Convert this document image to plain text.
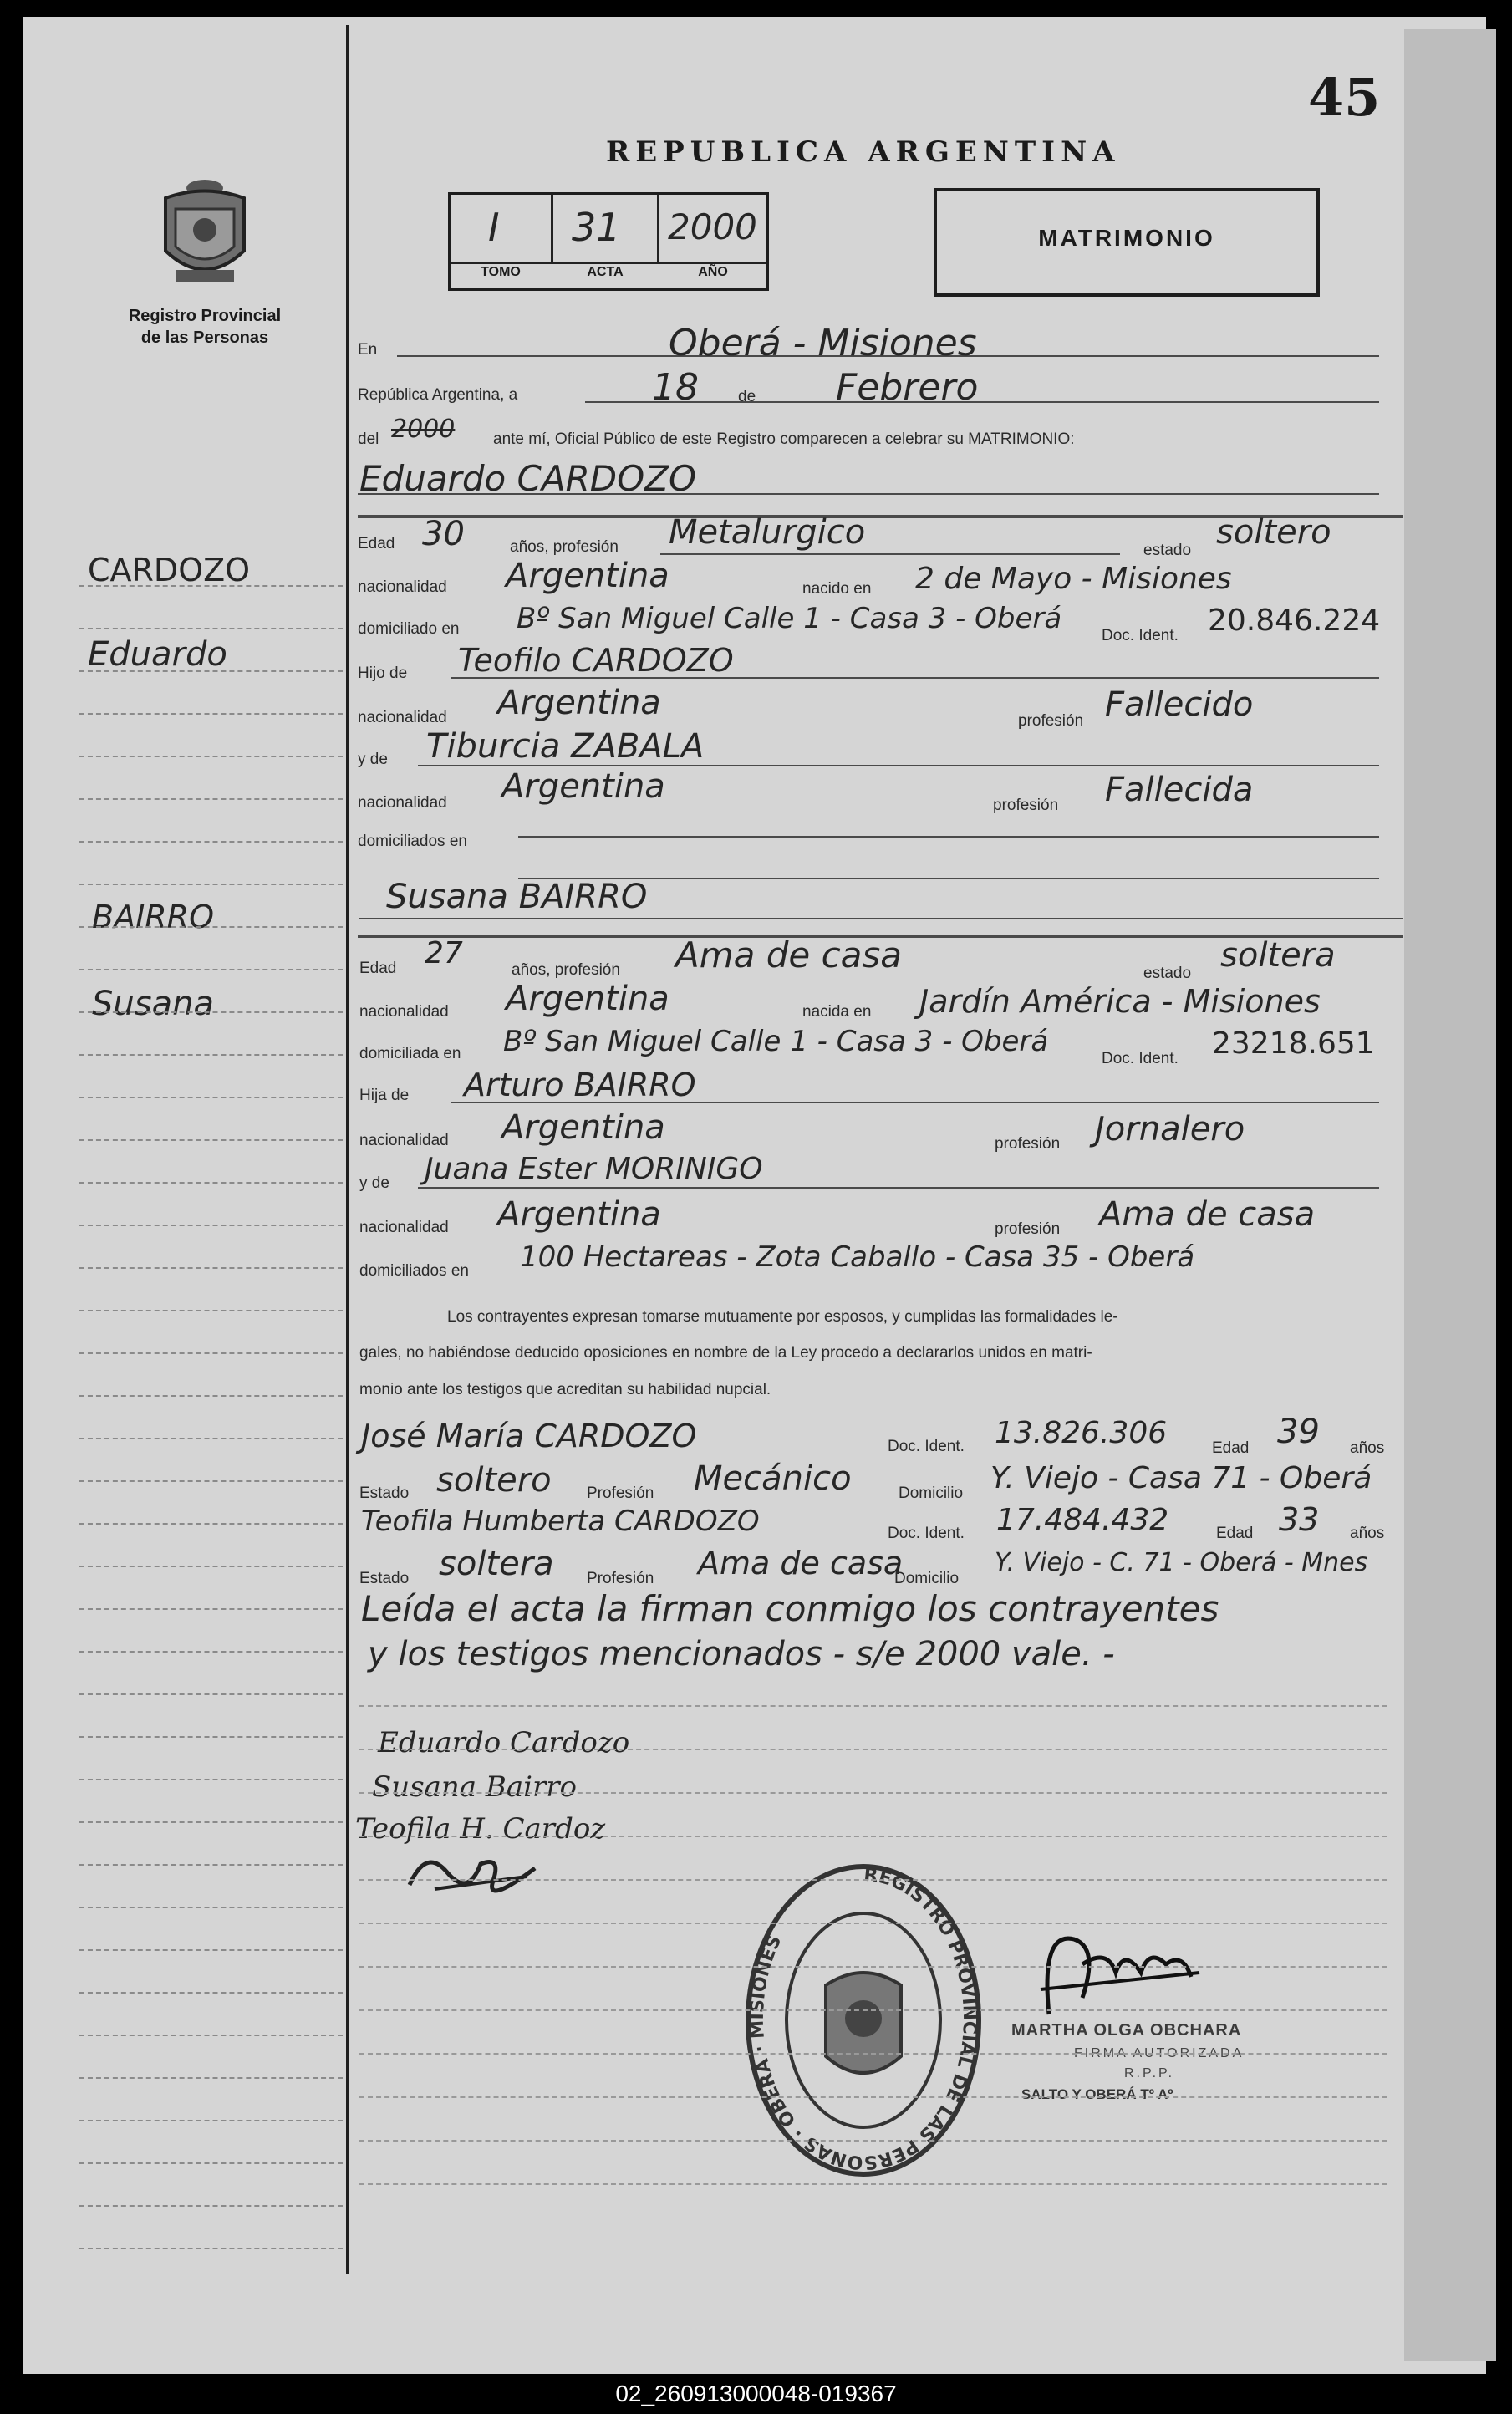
45
REPUBLICA ARGENTINA
Registro Provincial
de las Personas
I 31 2000
TOMO	ACTA	AÑO
MATRIMONIO
En	Oberá - Misiones
República Argentina, a	18 de Febrero
del 2000 ante mí, Oficial Público de este Registro comparecen a celebrar su MATRIMONIO:
Eduardo CARDOZO
CARDOZO
Eduardo
BAIRRO
Susana
Edad 30	años, profesión Metalurgico	estado soltero
nacionalidad Argentina	nacido en 2 de Mayo - Misiones
domiciliado en Bº San Miguel Calle 1 - Casa 3 - Oberá
Doc. Ident. 20.846.224
Hijo de Teofilo CARDOZO
nacionalidad Argentina	profesión Fallecido
y de Tiburcia ZABALA
nacionalidad Argentina	profesión Fallecida
domiciliados en
Susana BAIRRO
Edad 27	años, profesión Ama de casa	estado soltera
nacionalidad Argentina	nacida en Jardín América - Misiones
domiciliada en Bº San Miguel Calle 1 - Casa 3 - Oberá
Doc. Ident. 23218.651
Hija de Arturo BAIRRO
nacionalidad Argentina	profesión Jornalero
y de Juana Ester MORINIGO
nacionalidad Argentina	profesión Ama de casa
domiciliados en 100 Hectareas - Zota Caballo - Casa 35 - Oberá
Los contrayentes expresan tomarse mutuamente por esposos, y cumplidas las formalidades le-
gales, no habiéndose deducido oposiciones en nombre de la Ley procedo a declararlos unidos en matri-
monio ante los testigos que acreditan su habilidad nupcial.
José María CARDOZO	Doc. Ident. 13.826.306	Edad 39 años
Estado soltero Profesión Mecánico	Domicilio Y. Viejo - Casa 71 - Oberá
Teofila Humberta CARDOZO	Doc. Ident. 17.484.432	Edad 33 años
Estado soltera Profesión Ama de casa
Domicilio
Y. Viejo - C. 71 - Oberá - Mnes
Leída el acta la firman conmigo los contrayentes
y los testigos mencionados - s/e 2000 vale. -
Eduardo Cardozo
Susana Bairro
Teofila H. Cardoz
REGISTRO PROVINCIAL DE LAS PERSONAS · OBERÁ · MISIONES
MARTHA OLGA OBCHARA
FIRMA AUTORIZADA
R.P.P.
SALTO Y OBERÁ Tº Aº
02_260913000048-019367
